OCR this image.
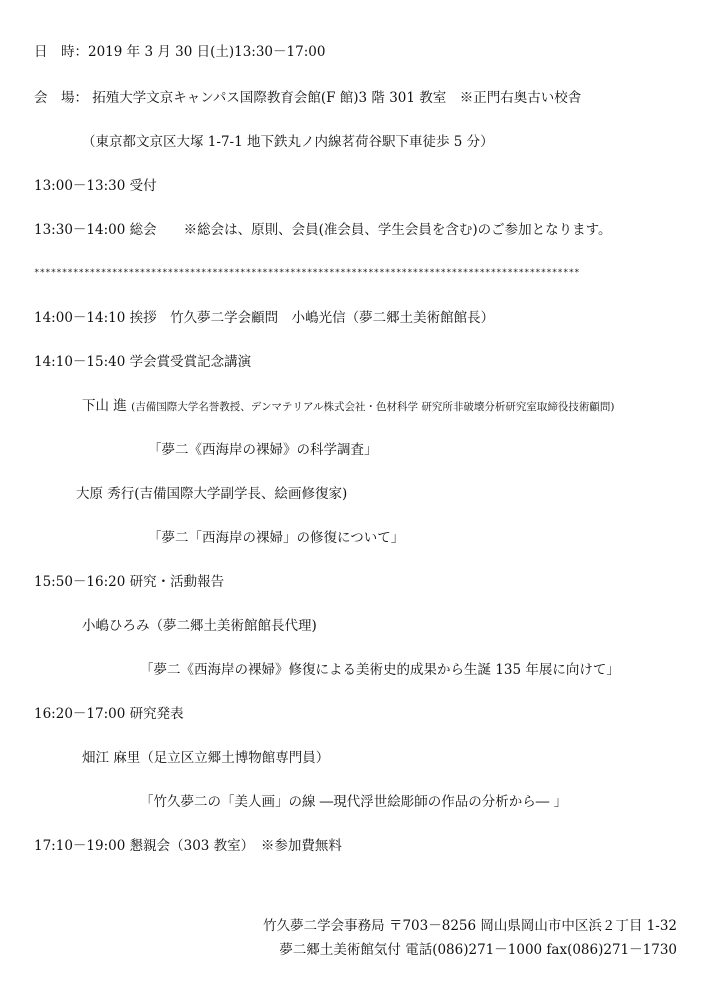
日　時：2019 年 3 月 30 日(土)13:30－17:00
会　場： 拓殖大学文京キャンパス国際教育会館(F 館)3 階 301 教室　※正門右奥古い校舎
（東京都文京区大塚 1-7-1 地下鉄丸ノ内線茗荷谷駅下車徒歩 5 分）
13:00－13:30 受付
13:30－14:00 総会　　※総会は、原則、会員(准会員、学生会員を含む)のご参加となります。
**************************************************************************************************
14:00－14:10 挨拶　竹久夢二学会顧問　小嶋光信（夢二郷土美術館館長）
14:10－15:40 学会賞受賞記念講演
下山 進 (吉備国際大学名誉教授、デンマテリアル株式会社・色材科学 研究所非破壊分析研究室取締役技術顧問)
「夢二《西海岸の裸婦》の科学調査」
大原 秀行(吉備国際大学副学長、絵画修復家)
「夢二「西海岸の裸婦」の修復について」
15:50－16:20 研究・活動報告
小嶋ひろみ（夢二郷土美術館館長代理)
「夢二《西海岸の裸婦》修復による美術史的成果から生誕 135 年展に向けて」
16:20－17:00 研究発表
畑江 麻里（足立区立郷土博物館専門員）
「竹久夢二の「美人画」の線 ―現代浮世絵彫師の作品の分析から― 」
17:10－19:00 懇親会（303 教室）　※参加費無料
竹久夢二学会事務局 〒703－8256 岡山県岡山市中区浜２丁目 1-32
夢二郷土美術館気付 電話(086)271－1000 fax(086)271－1730
